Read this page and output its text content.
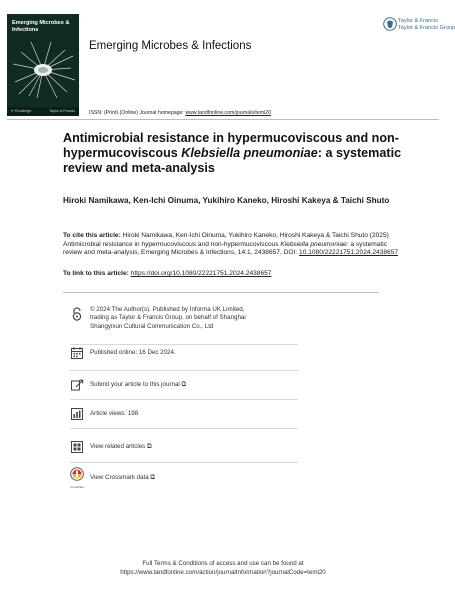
Emerging Microbes & Infections
✒ Routledge	Taylor & Francis
Emerging Microbes & Infections
Taylor & Francis
Taylor & Francis Group
ISSN: (Print) (Online) Journal homepage: www.tandfonline.com/journals/temi20
Antimicrobial resistance in hypermucoviscous and non-hypermucoviscous Klebsiella pneumoniae: a systematic review and meta-analysis
Hiroki Namikawa, Ken-Ichi Oinuma, Yukihiro Kaneko, Hiroshi Kakeya & Taichi Shuto
To cite this article: Hiroki Namikawa, Ken-Ichi Oinuma, Yukihiro Kaneko, Hiroshi Kakeya & Taichi Shuto (2025) Antimicrobial resistance in hypermucoviscous and non-hypermucoviscous Klebsiella pneumoniae: a systematic review and meta-analysis, Emerging Microbes & Infections, 14:1, 2438657, DOI: 10.1080/22221751.2024.2438657
To link to this article: https://doi.org/10.1080/22221751.2024.2438657
© 2024 The Author(s). Published by Informa UK Limited, trading as Taylor & Francis Group, on behalf of Shanghai Shangyixun Cultural Communication Co., Ltd
Published online: 16 Dec 2024.
Submit your article to this journal ⧉
Article views: 198
View related articles ⧉
CrossMark
View Crossmark data ⧉
Full Terms & Conditions of access and use can be found at
https://www.tandfonline.com/action/journalInformation?journalCode=temi20
